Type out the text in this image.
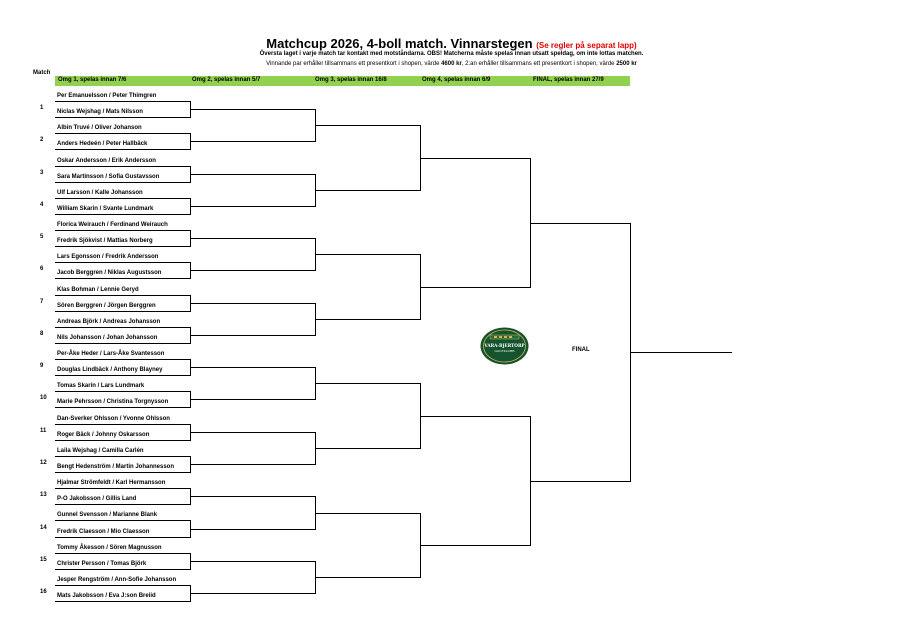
Matchcup 2026, 4-boll match. Vinnarstegen (Se regler på separat lapp)
Översta laget i varje match tar kontakt med motståndarna. OBS! Matcherna måste spelas innan utsatt speldag, om inte lottas matchen.
Vinnande par erhåller tillsammans ett presentkort i shopen, värde 4600 kr, 2:an erhåller tillsammans ett presentkort i shopen, värde 2500 kr
Match
Omg 1, spelas innan 7/6	Omg 2, spelas innan 5/7	Omg 3, spelas innan 16/8	Omg 4, spelas innan 6/9	FINAL, spelas innan 27/9
Per Emanuelsson / Peter Thimgren
Niclas Wejshag / Mats Nilsson
1
Albin Truvé / Oliver Johanson
Anders Hedeén / Peter Hallbäck
2
Oskar Andersson / Erik Andersson
Sara Martinsson / Sofia Gustavsson
3
Ulf Larsson / Kalle Johansson
William Skarin / Svante Lundmark
4
Florica Weirauch / Ferdinand Weirauch
Fredrik Sjökvist / Mattias Norberg
5
Lars Egonsson / Fredrik Andersson
Jacob Berggren / Niklas Augustsson
6
Klas Bohman / Lennie Geryd
Sören Berggren / Jörgen Berggren
7
Andreas Björk / Andreas Johansson
Nils Johansson / Johan Johansson
8
Per-Åke Heder / Lars-Åke Svantesson
Douglas Lindbäck / Anthony Blayney
9
Tomas Skarin / Lars Lundmark
Marie Pehrsson / Christina Torgnysson
10
Dan-Sverker Ohlsson / Yvonne Ohlsson
Roger Bäck / Johnny Oskarsson
11
Laila Wejshag / Camilla Carlén
Bengt Hedenström / Martin Johannesson
12
Hjalmar Strömfeldt / Karl Hermansson
P-O Jakobsson / Gillis Land
13
Gunnel Svensson / Marianne Blank
Fredrik Claesson / Mio Claesson
14
Tommy Åkesson / Sören Magnusson
Christer Persson / Tomas Björk
15
Jesper Rengström / Ann-Sofie Johansson
Mats Jakobsson / Eva J:son Breiid
16
FINAL
VARA-BJERTORP
GOLFKLUBB
